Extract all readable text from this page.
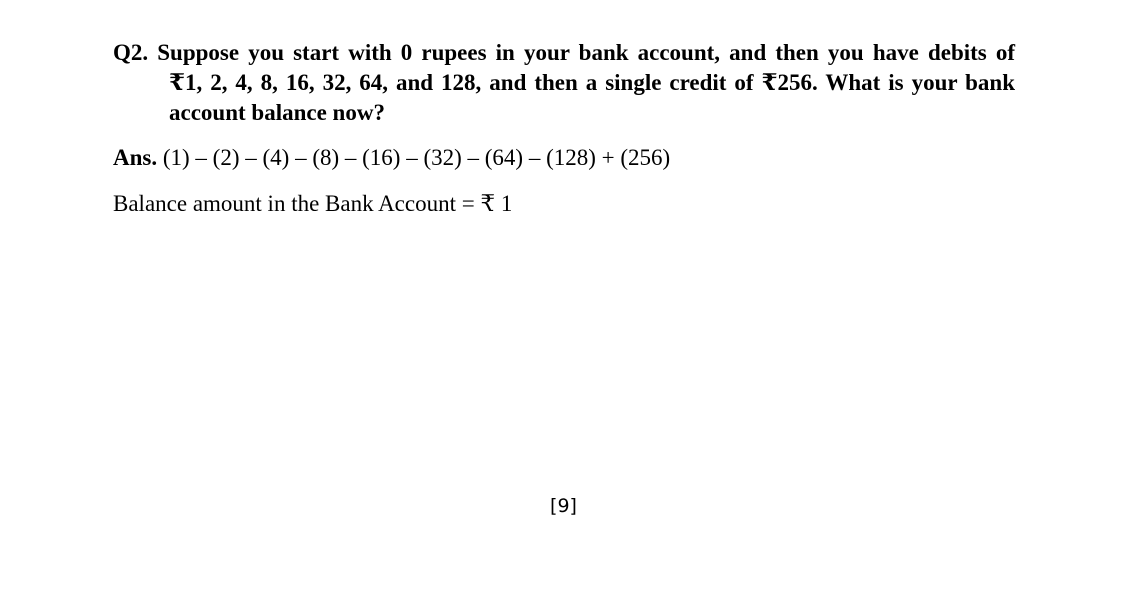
Q2. Suppose you start with 0 rupees in your bank account, and then you have debits of
₹1, 2, 4, 8, 16, 32, 64, and 128, and then a single credit of ₹256. What is your bank
account balance now?
Ans. (1) – (2) – (4) – (8) – (16) – (32) – (64) – (128) + (256)
Balance amount in the Bank Account = ₹ 1
[9]
